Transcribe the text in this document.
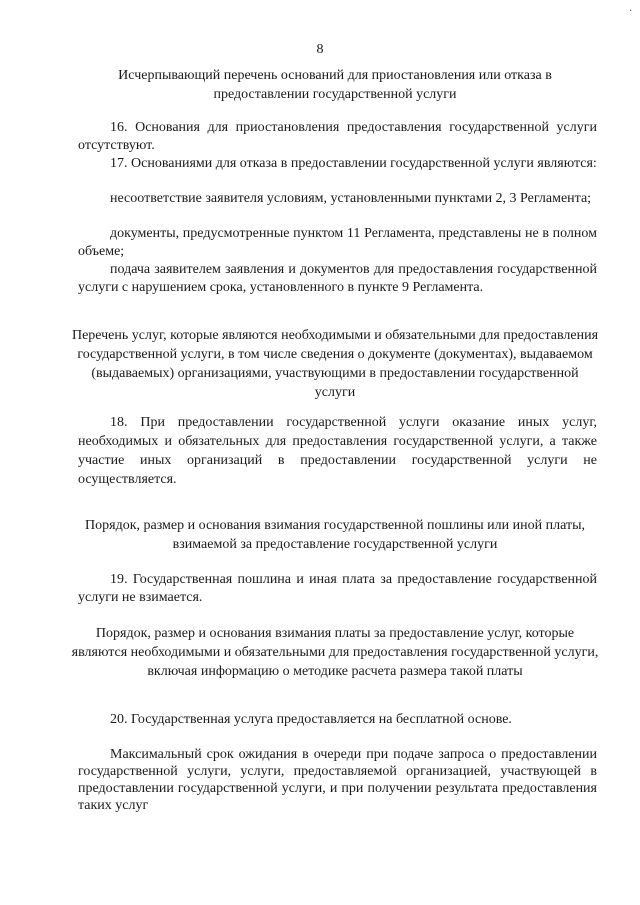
·
8
Исчерпывающий перечень оснований для приостановления или отказа в предоставлении государственной услуги
16. Основания для приостановления предоставления государственной услуги отсутствуют.
17. Основаниями для отказа в предоставлении государственной услуги являются:
несоответствие заявителя условиям, установленными пунктами 2, 3 Регламента;
документы, предусмотренные пунктом 11 Регламента, представлены не в полном объеме;
подача заявителем заявления и документов для предоставления государственной услуги с нарушением срока, установленного в пункте 9 Регламента.
Перечень услуг, которые являются необходимыми и обязательными для предоставления государственной услуги, в том числе сведения о документе (документах), выдаваемом (выдаваемых) организациями, участвующими в предоставлении государственной услуги
18. При предоставлении государственной услуги оказание иных услуг, необходимых и обязательных для предоставления государственной услуги, а также участие иных организаций в предоставлении государственной услуги не осуществляется.
Порядок, размер и основания взимания государственной пошлины или иной платы, взимаемой за предоставление государственной услуги
19. Государственная пошлина и иная плата за предоставление государственной услуги не взимается.
Порядок, размер и основания взимания платы за предоставление услуг, которые являются необходимыми и обязательными для предоставления государственной услуги, включая информацию о методике расчета размера такой платы
20. Государственная услуга предоставляется на бесплатной основе.
Максимальный срок ожидания в очереди при подаче запроса о предоставлении государственной услуги, услуги, предоставляемой организацией, участвующей в предоставлении государственной услуги, и при получении результата предоставления таких услуг
